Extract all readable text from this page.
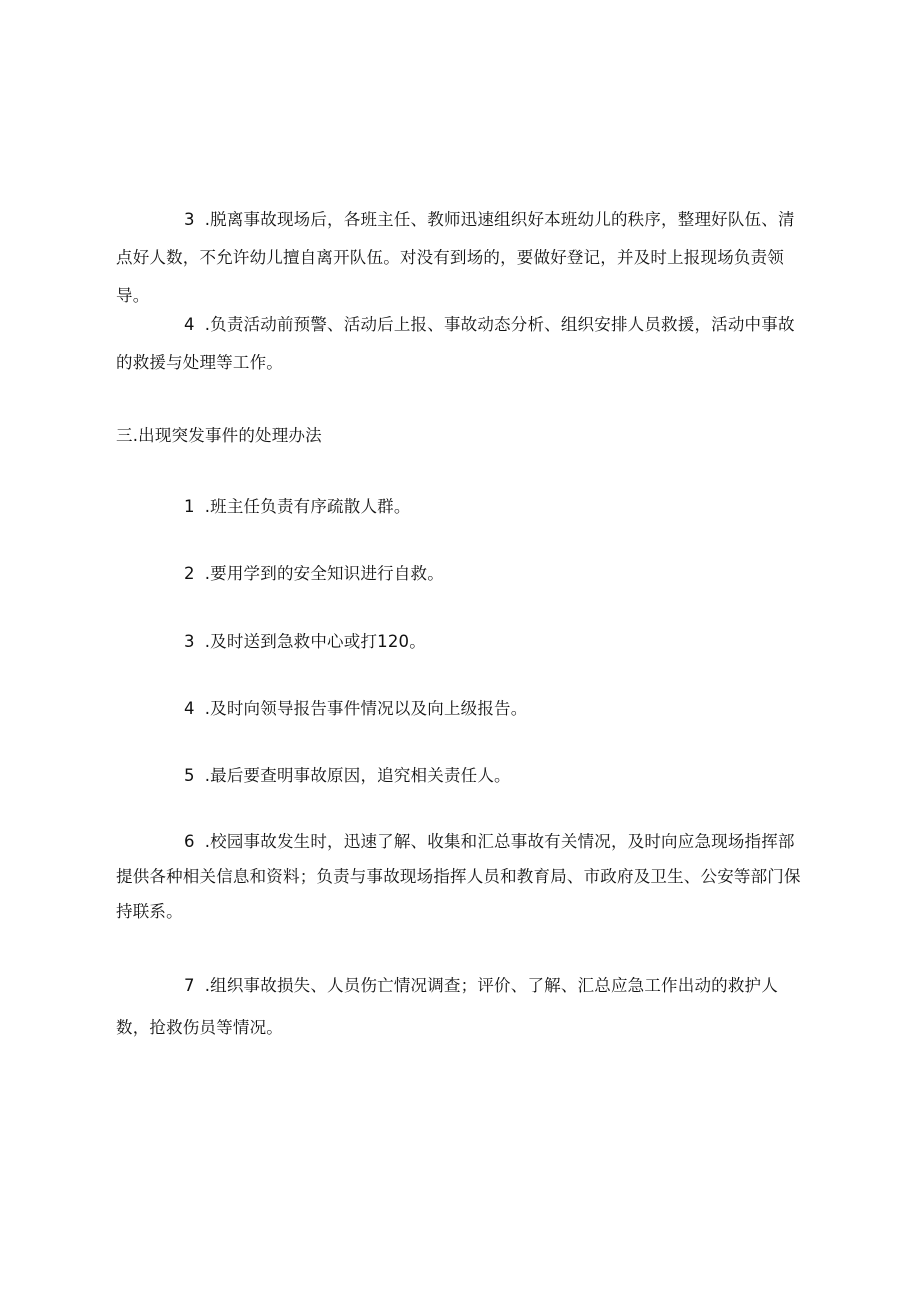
3 .脱离事故现场后，各班主任、教师迅速组织好本班幼儿的秩序，整理好队伍、清点好人数，不允许幼儿擅自离开队伍。对没有到场的，要做好登记，并及时上报现场负责领导。

4 .负责活动前预警、活动后上报、事故动态分析、组织安排人员救援，活动中事故的救援与处理等工作。

三.出现突发事件的处理办法

1 .班主任负责有序疏散人群。

2 .要用学到的安全知识进行自救。

3 .及时送到急救中心或打120。

4 .及时向领导报告事件情况以及向上级报告。

5 .最后要查明事故原因，追究相关责任人。

6 .校园事故发生时，迅速了解、收集和汇总事故有关情况，及时向应急现场指挥部提供各种相关信息和资料；负责与事故现场指挥人员和教育局、市政府及卫生、公安等部门保持联系。

7 .组织事故损失、人员伤亡情况调查；评价、了解、汇总应急工作出动的救护人数，抢救伤员等情况。
